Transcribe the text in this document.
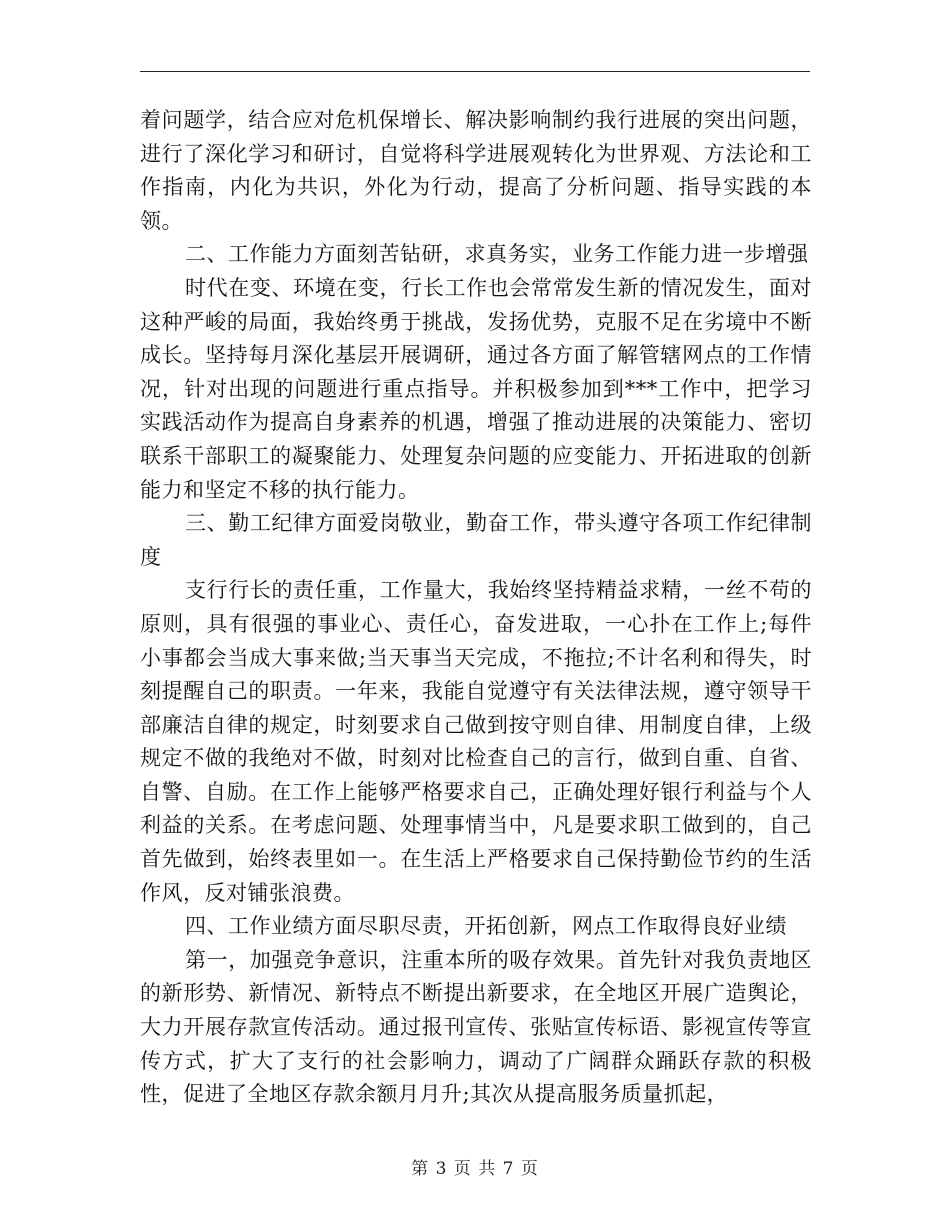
着问题学，结合应对危机保增长、解决影响制约我行进展的突出问题，进行了深化学习和研讨，自觉将科学进展观转化为世界观、方法论和工作指南，内化为共识，外化为行动，提高了分析问题、指导实践的本领。

二、工作能力方面刻苦钻研，求真务实，业务工作能力进一步增强

时代在变、环境在变，行长工作也会常常发生新的情况发生，面对这种严峻的局面，我始终勇于挑战，发扬优势，克服不足在劣境中不断成长。坚持每月深化基层开展调研，通过各方面了解管辖网点的工作情况，针对出现的问题进行重点指导。并积极参加到***工作中，把学习实践活动作为提高自身素养的机遇，增强了推动进展的决策能力、密切联系干部职工的凝聚能力、处理复杂问题的应变能力、开拓进取的创新能力和坚定不移的执行能力。

三、勤工纪律方面爱岗敬业，勤奋工作，带头遵守各项工作纪律制度

支行行长的责任重，工作量大，我始终坚持精益求精，一丝不苟的原则，具有很强的事业心、责任心，奋发进取，一心扑在工作上;每件小事都会当成大事来做;当天事当天完成，不拖拉;不计名利和得失，时刻提醒自己的职责。一年来，我能自觉遵守有关法律法规，遵守领导干部廉洁自律的规定，时刻要求自己做到按守则自律、用制度自律，上级规定不做的我绝对不做，时刻对比检查自己的言行，做到自重、自省、自警、自励。在工作上能够严格要求自己，正确处理好银行利益与个人利益的关系。在考虑问题、处理事情当中，凡是要求职工做到的，自己首先做到，始终表里如一。在生活上严格要求自己保持勤俭节约的生活作风，反对铺张浪费。

四、工作业绩方面尽职尽责，开拓创新，网点工作取得良好业绩

第一，加强竞争意识，注重本所的吸存效果。首先针对我负责地区的新形势、新情况、新特点不断提出新要求，在全地区开展广造舆论，大力开展存款宣传活动。通过报刊宣传、张贴宣传标语、影视宣传等宣传方式，扩大了支行的社会影响力，调动了广阔群众踊跃存款的积极性，促进了全地区存款余额月月升;其次从提高服务质量抓起，

第 3 页 共 7 页
